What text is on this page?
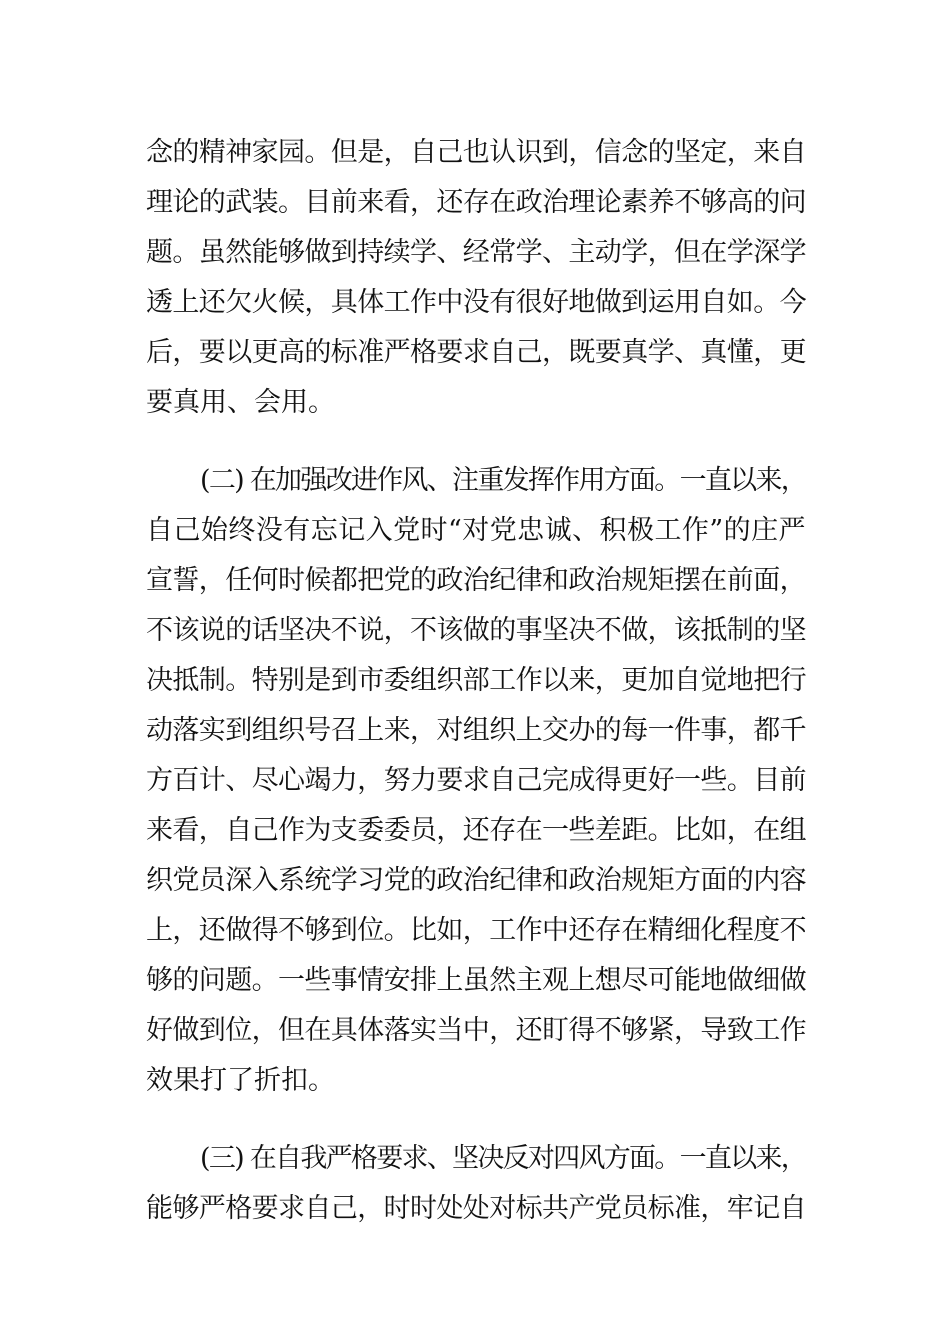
念的精神家园。但是，自己也认识到，信念的坚定，来自
理论的武装。目前来看，还存在政治理论素养不够高的问
题。虽然能够做到持续学、经常学、主动学，但在学深学
透上还欠火候，具体工作中没有很好地做到运用自如。今
后，要以更高的标准严格要求自己，既要真学、真懂，更
要真用、会用。
(二) 在加强改进作风、注重发挥作用方面。一直以来，
自己始终没有忘记入党时“对党忠诚、积极工作”的庄严
宣誓，任何时候都把党的政治纪律和政治规矩摆在前面，
不该说的话坚决不说，不该做的事坚决不做，该抵制的坚
决抵制。特别是到市委组织部工作以来，更加自觉地把行
动落实到组织号召上来，对组织上交办的每一件事，都千
方百计、尽心竭力，努力要求自己完成得更好一些。目前
来看，自己作为支委委员，还存在一些差距。比如，在组
织党员深入系统学习党的政治纪律和政治规矩方面的内容
上，还做得不够到位。比如，工作中还存在精细化程度不
够的问题。一些事情安排上虽然主观上想尽可能地做细做
好做到位，但在具体落实当中，还盯得不够紧，导致工作
效果打了折扣。
(三) 在自我严格要求、坚决反对四风方面。一直以来，
能够严格要求自己，时时处处对标共产党员标准，牢记自
